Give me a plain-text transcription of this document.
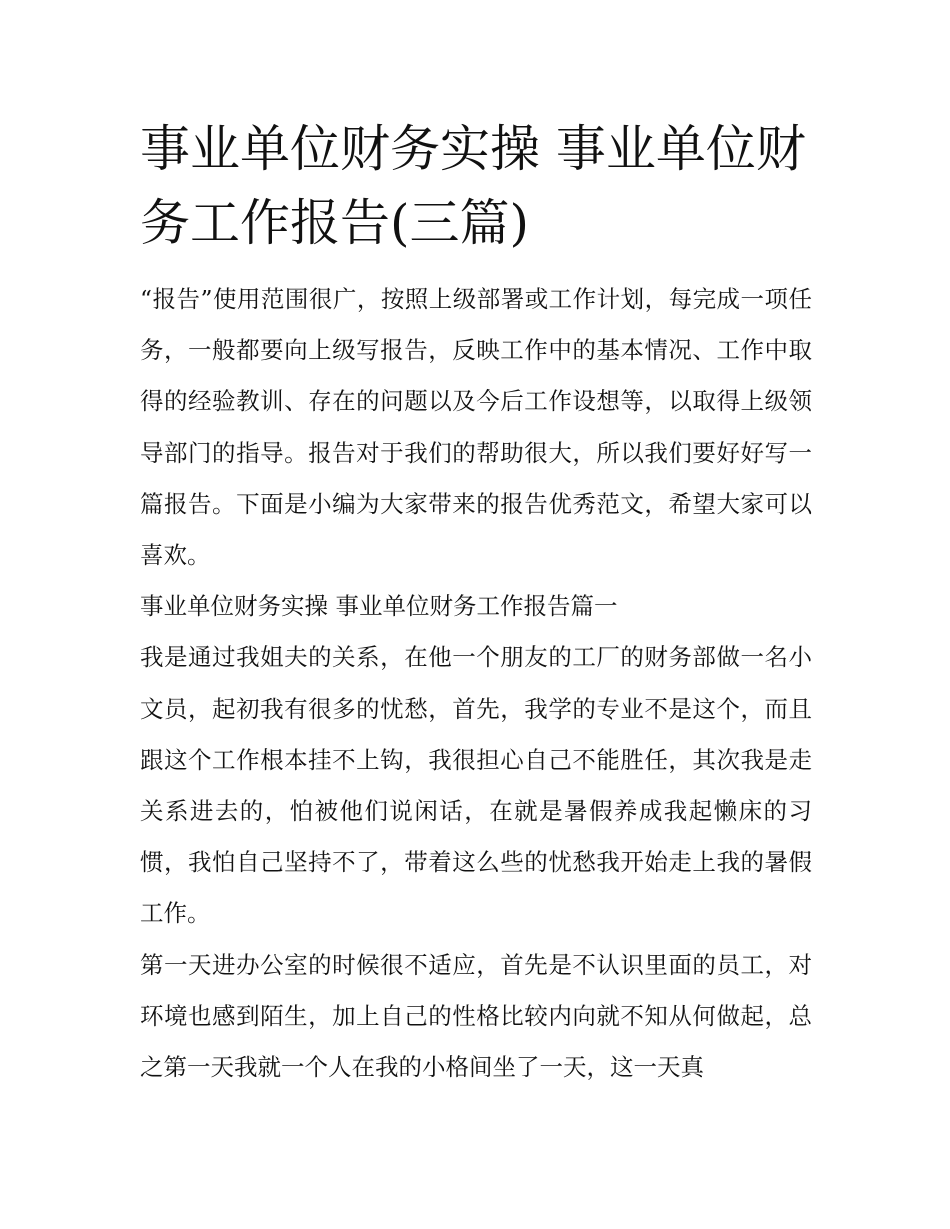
事业单位财务实操 事业单位财务工作报告(三篇)

“报告”使用范围很广，按照上级部署或工作计划，每完成一项任务，一般都要向上级写报告，反映工作中的基本情况、工作中取得的经验教训、存在的问题以及今后工作设想等，以取得上级领导部门的指导。报告对于我们的帮助很大，所以我们要好好写一篇报告。下面是小编为大家带来的报告优秀范文，希望大家可以喜欢。

事业单位财务实操 事业单位财务工作报告篇一

我是通过我姐夫的关系，在他一个朋友的工厂的财务部做一名小文员，起初我有很多的忧愁，首先，我学的专业不是这个，而且跟这个工作根本挂不上钩，我很担心自己不能胜任，其次我是走关系进去的，怕被他们说闲话，在就是暑假养成我起懒床的习惯，我怕自己坚持不了，带着这么些的忧愁我开始走上我的暑假工作。

第一天进办公室的时候很不适应，首先是不认识里面的员工，对环境也感到陌生，加上自己的性格比较内向就不知从何做起，总之第一天我就一个人在我的小格间坐了一天，这一天真
